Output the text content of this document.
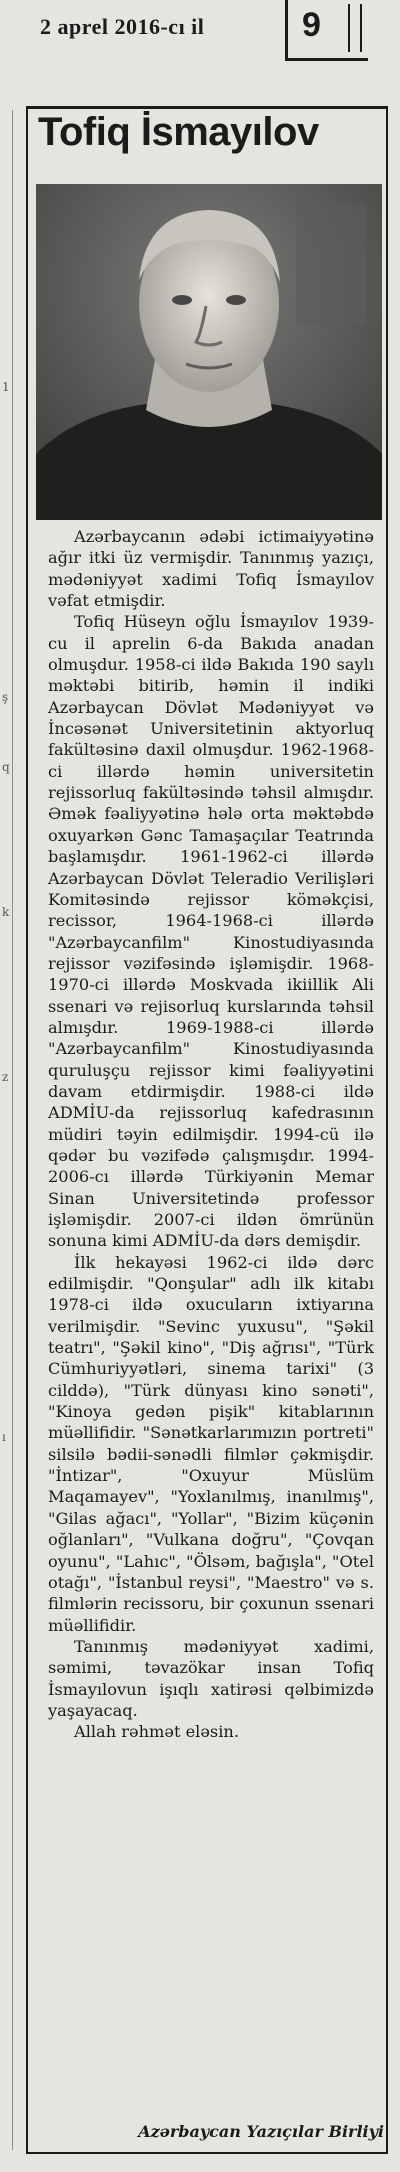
2 aprel 2016-cı il	9
1
ş
q
k
z
ı
Tofiq İsmayılov

Azərbaycanın ədəbi ictimaiyyətinə ağır itki üz vermişdir. Tanınmış yazıçı, mədəniyyət xadimi Tofiq İsmayılov vəfat etmişdir.

Tofiq Hüseyn oğlu İsmayılov 1939-cu il aprelin 6-da Bakıda anadan olmuşdur. 1958-ci ildə Bakıda 190 saylı məktəbi bitirib, həmin il indiki Azərbaycan Dövlət Mədəniyyət və İncəsənət Universitetinin aktyorluq fakültəsinə daxil olmuşdur. 1962-1968-ci illərdə həmin universitetin rejissorluq fakültəsində təhsil almışdır. Əmək fəaliyyətinə hələ orta məktəbdə oxuyarkən Gənc Tamaşaçılar Teatrında başlamışdır. 1961-1962-ci illərdə Azərbaycan Dövlət Teleradio Verilişləri Komitəsində rejissor köməkçisi, recissor, 1964-1968-ci illərdə "Azərbaycanfilm" Kinostudiyasında rejissor vəzifəsində işləmişdir. 1968-1970-ci illərdə Moskvada ikiillik Ali ssenari və rejisorluq kurslarında təhsil almışdır. 1969-1988-ci illərdə "Azərbaycanfilm" Kinostudiyasında quruluşçu rejissor kimi fəaliyyətini davam etdirmişdir. 1988-ci ildə ADMİU-da rejissorluq kafedrasının müdiri təyin edilmişdir. 1994-cü ilə qədər bu vəzifədə çalışmışdır. 1994-2006-cı illərdə Türkiyənin Memar Sinan Universitetində professor işləmişdir. 2007-ci ildən ömrünün sonuna kimi ADMİU-da dərs demişdir.

İlk hekayəsi 1962-ci ildə dərc edilmişdir. "Qonşular" adlı ilk kitabı 1978-ci ildə oxucuların ixtiyarına verilmişdir. "Sevinc yuxusu", "Şəkil teatrı", "Şəkil kino", "Diş ağrısı", "Türk Cümhuriyyətləri, sinema tarixi" (3 cilddə), "Türk dünyası kino sənəti", "Kinoya gedən pişik" kitablarının müəllifidir. "Sənətkarlarımızın portreti" silsilə bədii-sənədli filmlər çəkmişdir. "İntizar", "Oxuyur Müslüm Maqamayev", "Yoxlanılmış, inanılmış", "Gilas ağacı", "Yollar", "Bizim küçənin oğlanları", "Vulkana doğru", "Çovqan oyunu", "Lahıc", "Ölsəm, bağışla", "Otel otağı", "İstanbul reysi", "Maestro" və s. filmlərin recissoru, bir çoxunun ssenari müəllifidir.

Tanınmış mədəniyyət xadimi, səmimi, təvazökar insan Tofiq İsmayılovun işıqlı xatirəsi qəlbimizdə yaşayacaq.

Allah rəhmət eləsin.

Azərbaycan Yazıçılar Birliyi
